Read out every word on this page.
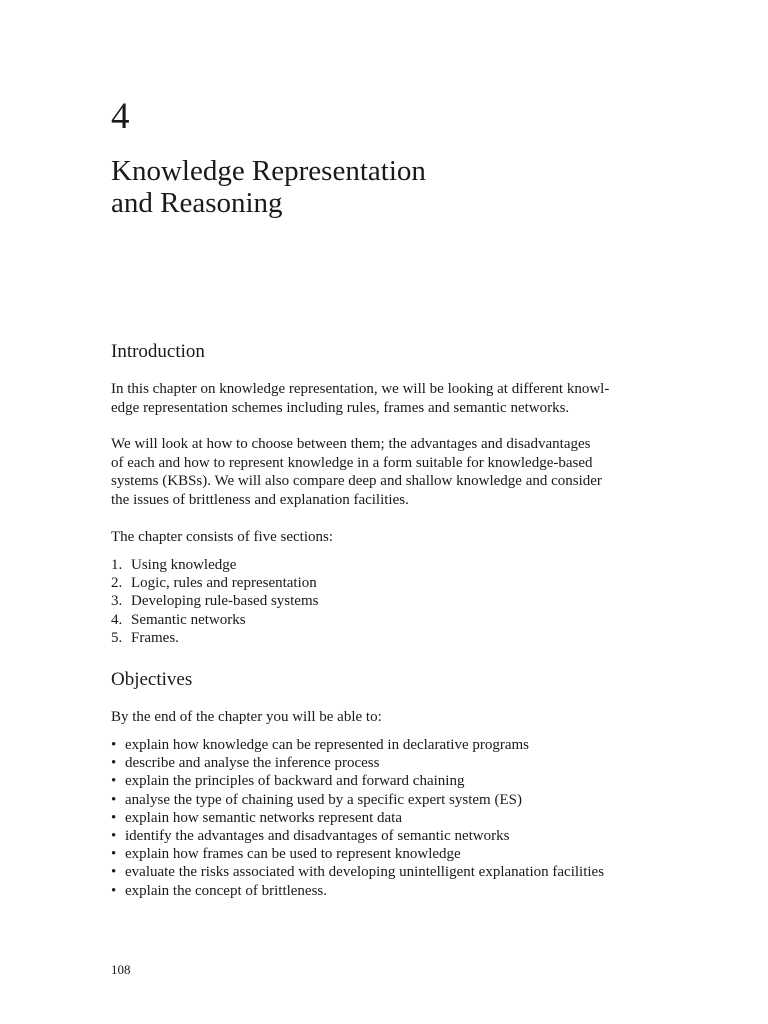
4
Knowledge Representation
and Reasoning
Introduction

In this chapter on knowledge representation, we will be looking at different knowl-
edge representation schemes including rules, frames and semantic networks.

We will look at how to choose between them; the advantages and disadvantages
of each and how to represent knowledge in a form suitable for knowledge-based
systems (KBSs). We will also compare deep and shallow knowledge and consider
the issues of brittleness and explanation facilities.

The chapter consists of five sections:

1. Using knowledge
2. Logic, rules and representation
3. Developing rule-based systems
4. Semantic networks
5. Frames.
Objectives

By the end of the chapter you will be able to:

• explain how knowledge can be represented in declarative programs
• describe and analyse the inference process
• explain the principles of backward and forward chaining
• analyse the type of chaining used by a specific expert system (ES)
• explain how semantic networks represent data
• identify the advantages and disadvantages of semantic networks
• explain how frames can be used to represent knowledge
• evaluate the risks associated with developing unintelligent explanation facilities
• explain the concept of brittleness.
108
